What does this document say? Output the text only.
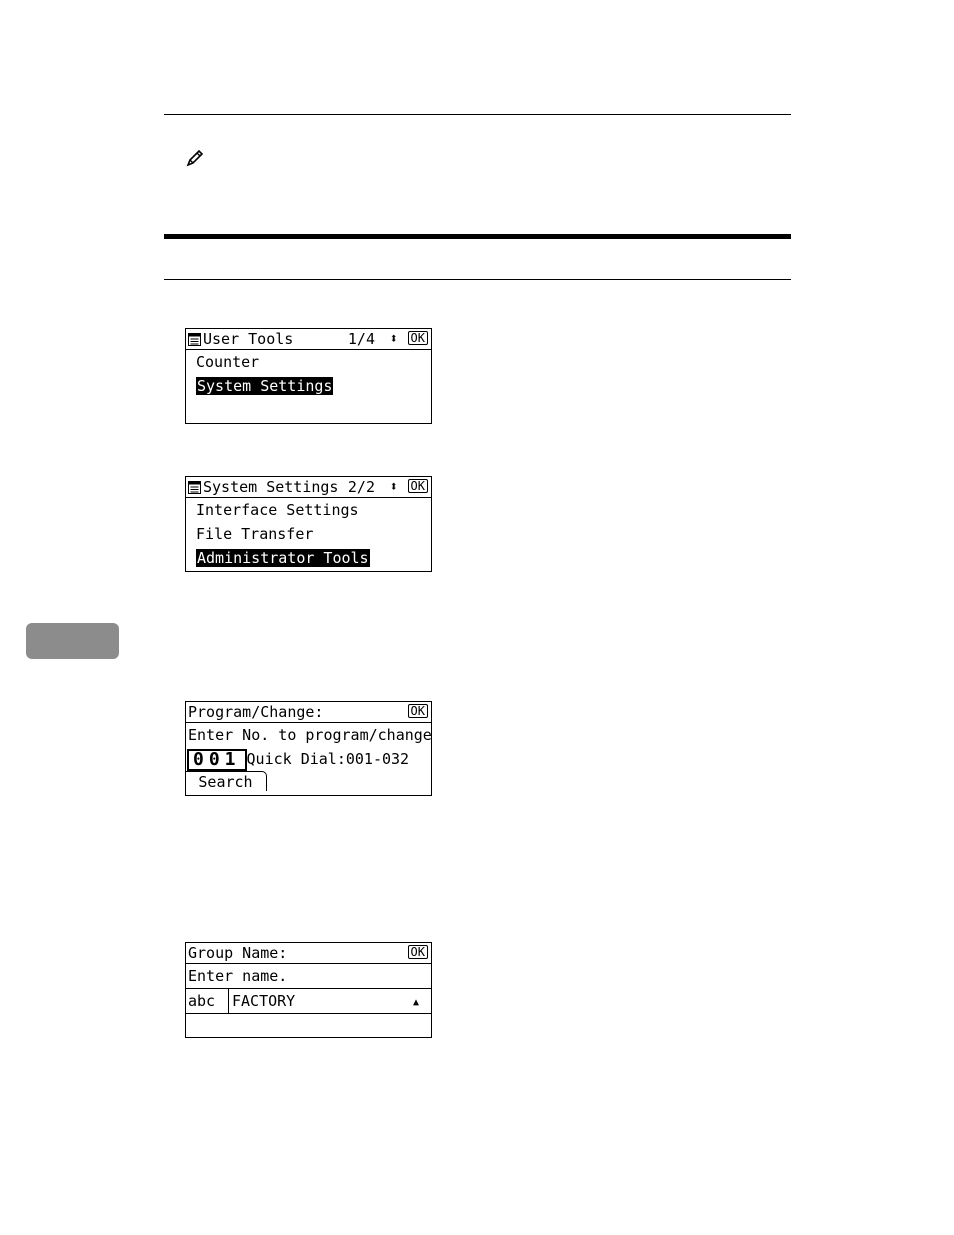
User Tools	1/4 ⬍ OK
Counter
System Settings
System Settings 2/2 ⬍ OK
Interface Settings
File Transfer
Administrator Tools
Program/Change:	OK
Enter No. to program/change
001 Quick Dial:001-032
Search
Group Name:	OK
Enter name.

abc

FACTORY

	▲
